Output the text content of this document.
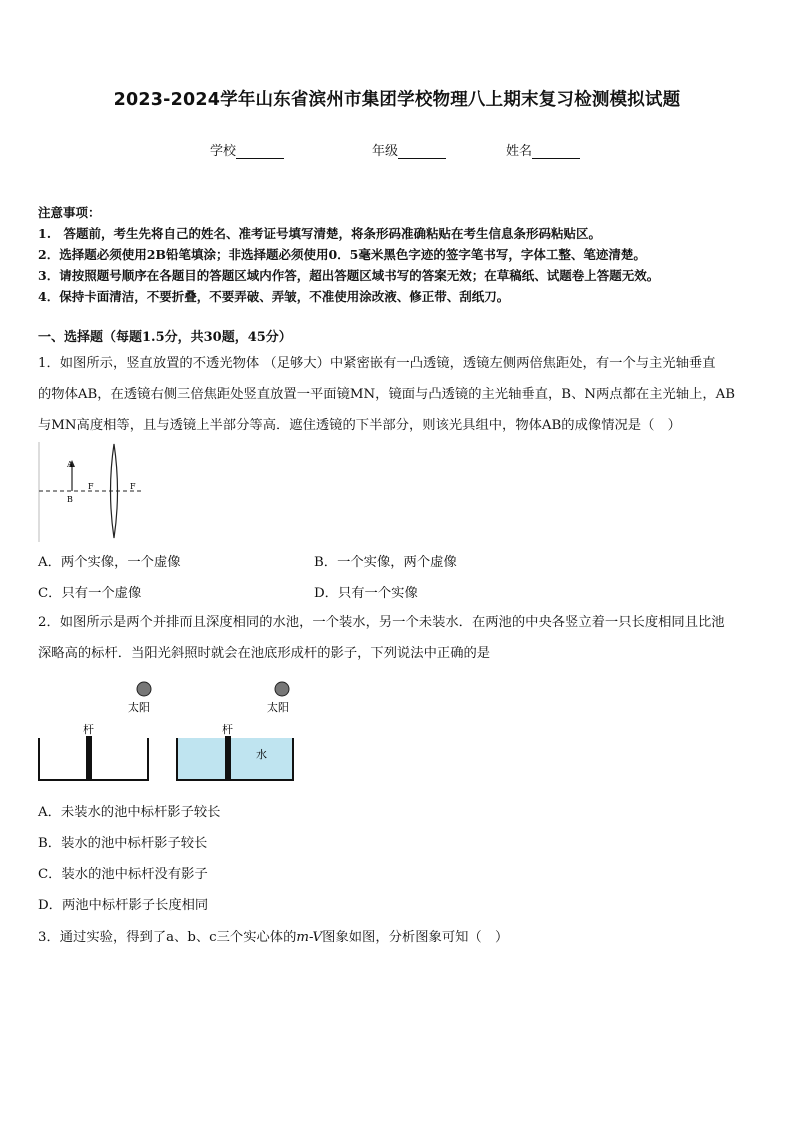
2023-2024学年山东省滨州市集团学校物理八上期末复习检测模拟试题
学校	年级	姓名
注意事项：
1.　答题前，考生先将自己的姓名、准考证号填写清楚，将条形码准确粘贴在考生信息条形码粘贴区。
2．选择题必须使用2B铅笔填涂；非选择题必须使用0．5毫米黑色字迹的签字笔书写，字体工整、笔迹清楚。
3．请按照题号顺序在各题目的答题区域内作答，超出答题区域书写的答案无效；在草稿纸、试题卷上答题无效。
4．保持卡面清洁，不要折叠，不要弄破、弄皱，不准使用涂改液、修正带、刮纸刀。
一、选择题（每题1.5分，共30题，45分）
1．如图所示，竖直放置的不透光物体 （足够大）中紧密嵌有一凸透镜，透镜左侧两倍焦距处，有一个与主光轴垂直
的物体AB，在透镜右侧三倍焦距处竖直放置一平面镜MN，镜面与凸透镜的主光轴垂直，B、N两点都在主光轴上，AB
与MN高度相等，且与透镜上半部分等高．遮住透镜的下半部分，则该光具组中，物体AB的成像情况是（　）
A
B
F	F
A．两个实像，一个虚像	B．一个实像，两个虚像
C．只有一个虚像	D．只有一个实像
2．如图所示是两个并排而且深度相同的水池，一个装水，另一个未装水．在两池的中央各竖立着一只长度相同且比池
深略高的标杆．当阳光斜照时就会在池底形成杆的影子，下列说法中正确的是
太阳
杆
太阳
杆
水
A．未装水的池中标杆影子较长
B．装水的池中标杆影子较长
C．装水的池中标杆没有影子
D．两池中标杆影子长度相同
3．通过实验，得到了a、b、c三个实心体的m-V图象如图，分析图象可知（　）
